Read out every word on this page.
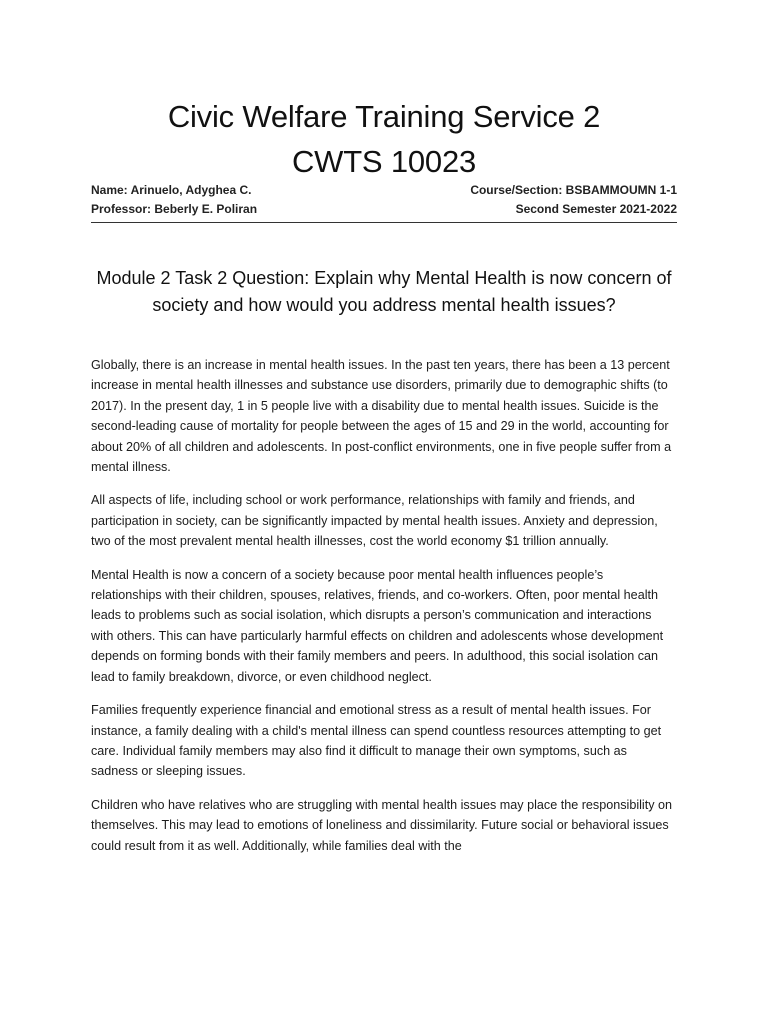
Civic Welfare Training Service 2
CWTS 10023
Name: Arinuelo, Adyghea C.	Course/Section: BSBAMMOUMN 1-1
Professor: Beberly E. Poliran	Second Semester 2021-2022
Module 2 Task 2 Question: Explain why Mental Health is now concern of society and how would you address mental health issues?

Globally, there is an increase in mental health issues. In the past ten years, there has been a 13 percent increase in mental health illnesses and substance use disorders, primarily due to demographic shifts (to 2017). In the present day, 1 in 5 people live with a disability due to mental health issues. Suicide is the second-leading cause of mortality for people between the ages of 15 and 29 in the world, accounting for about 20% of all children and adolescents. In post-conflict environments, one in five people suffer from a mental illness.

All aspects of life, including school or work performance, relationships with family and friends, and participation in society, can be significantly impacted by mental health issues. Anxiety and depression, two of the most prevalent mental health illnesses, cost the world economy $1 trillion annually.

Mental Health is now a concern of a society because poor mental health influences people’s relationships with their children, spouses, relatives, friends, and co-workers. Often, poor mental health leads to problems such as social isolation, which disrupts a person’s communication and interactions with others. This can have particularly harmful effects on children and adolescents whose development depends on forming bonds with their family members and peers. In adulthood, this social isolation can lead to family breakdown, divorce, or even childhood neglect.

Families frequently experience financial and emotional stress as a result of mental health issues. For instance, a family dealing with a child's mental illness can spend countless resources attempting to get care. Individual family members may also find it difficult to manage their own symptoms, such as sadness or sleeping issues.

Children who have relatives who are struggling with mental health issues may place the responsibility on themselves. This may lead to emotions of loneliness and dissimilarity. Future social or behavioral issues could result from it as well. Additionally, while families deal with the
